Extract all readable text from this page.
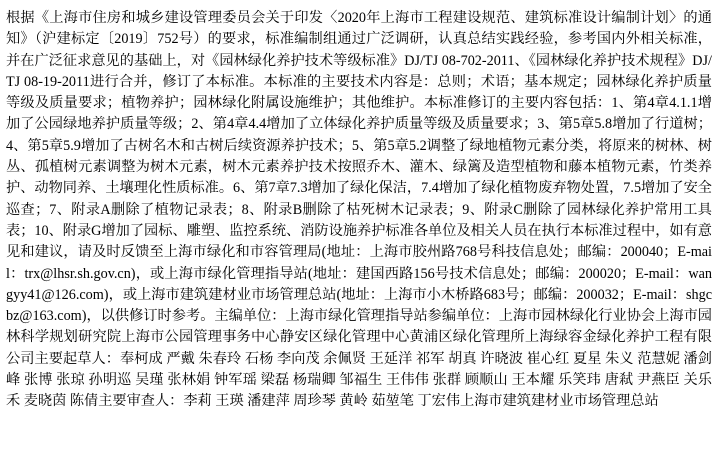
根据《上海市住房和城乡建设管理委员会关于印发〈2020年上海市工程建设规范、建筑标准设计编制计划〉的通知》（沪建标定〔2019〕752号）的要求，标准编制组通过广泛调研，认真总结实践经验，参考国内外相关标准，并在广泛征求意见的基础上，对《园林绿化养护技术等级标准》DJ/TJ 08-702-2011、《园林绿化养护技术规程》DJ/TJ 08-19-2011进行合并，修订了本标准。本标准的主要技术内容是：总则；术语；基本规定；园林绿化养护质量等级及质量要求；植物养护；园林绿化附属设施维护；其他维护。本标准修订的主要内容包括：1、第4章4.1.1增加了公园绿地养护质量等级；2、第4章4.4增加了立体绿化养护质量等级及质量要求；3、第5章5.8增加了行道树；4、第5章5.9增加了古树名木和古树后续资源养护技术；5、第5章5.2调整了绿地植物元素分类，将原来的树林、树丛、孤植树元素调整为树木元素，树木元素养护技术按照乔木、灌木、绿篱及造型植物和藤本植物元素，竹类养护、动物同养、土壤理化性质标准。6、第7章7.3增加了绿化保洁，7.4增加了绿化植物废弃物处置，7.5增加了安全巡查；7、附录A删除了植物记录表；8、附录B删除了枯死树木记录表；9、附录C删除了园林绿化养护常用工具表；10、附录G增加了园标、雕塑、监控系统、消防设施养护标准各单位及相关人员在执行本标准过程中，如有意见和建议，请及时反馈至上海市绿化和市容管理局(地址：上海市胶州路768号科技信息处；邮编：200040；E-mail：trx@lhsr.sh.gov.cn)，或上海市绿化管理指导站(地址：建国西路156号技术信息处；邮编：200020；E-mail：wangyy41@126.com)，或上海市建筑建材业市场管理总站(地址：上海市小木桥路683号；邮编：200032；E-mail：shgcbz@163.com)，以供修订时参考。主编单位：上海市绿化管理指导站参编单位：上海市园林绿化行业协会上海市园林科学规划研究院上海市公园管理事务中心静安区绿化管理中心黄浦区绿化管理所上海绿容金绿化养护工程有限公司主要起草人：奉柯成 严戴 朱春玲 石杨 李向茂 余佩贤 王延洋 祁军 胡真 许晓波 崔心红 夏星 朱义 范慧妮 潘剑峰 张博 张琼 孙明巡 吴瑾 张林娟 钟军瑶 梁磊 杨瑞卿 邹福生 王伟伟 张群 顾顺山 王本耀 乐笑玮 唐弒 尹燕臣 关乐禾 麦晓茵 陈倩主要审查人：李莉 王瑛 潘建萍 周珍琴 黄岭 茹堃笔 丁宏伟上海市建筑建材业市场管理总站
